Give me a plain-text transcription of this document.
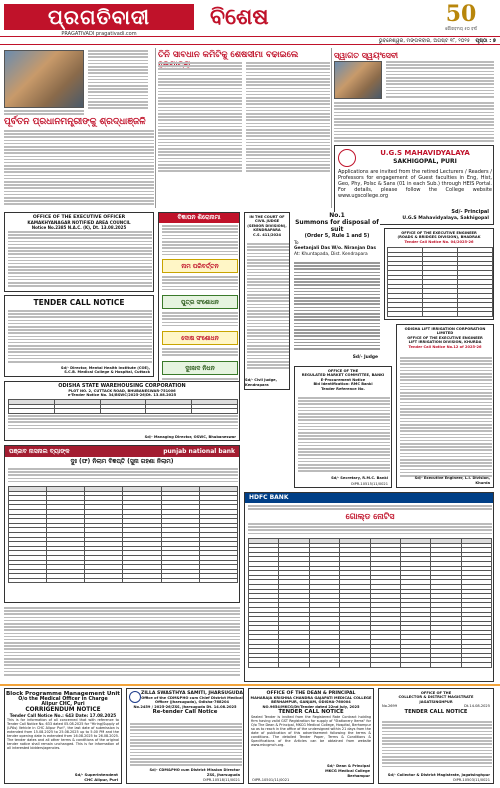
ପ୍ରଗତିବାଦୀ
PRAGATIVADI pragativadi.com
ବିଶେଷ	50
ଗୌରବମୟ ୫୦ ବର୍ଷ
ଭୁବନେଶ୍ୱର, ମଙ୍ଗଳବାର, ଅଗଷ୍ଟ ୧୮, ୨୦୨୫ ପୃଷ୍ଠା : ୭
ପୂର୍ବତନ ପ୍ରଧାନମନ୍ତ୍ରୀଙ୍କୁ ଶ୍ରଦ୍ଧାଞ୍ଜଳି
ତିନି ସାବଧାନ କମିଟିକୁ ଶେଷସୀମା ବଢାଇଲେ	ସ୍ୱାଗତ ସ୍ୱୟଂସେବୀ
U.G.S MAHAVIDYALAYA
SAKHIGOPAL, PURI
Applications are invited from the retired Lecturers / Readers / Professors for engagement of Guest faculties in Eng, Hist, Geo, Phy, Polsc & Sans (01 in each Sub.) through HEIS Portal. For details, please follow the College website www.ugscollege.org
Sd/- Principal
U.G.S Mahavidyalaya, Sakhigopal
OFFICE OF THE EXECUTIVE OFFICER
KAMAKHYANAGAR NOTIFIED AREA COUNCIL
Notice No.2385 N.A.C. (K), Dt. 13.08.2025
TENDER CALL NOTICE
Sd/- Director, Mental Health Institute (COE), S.C.B. Medical College & Hospital, Cuttack
ବିଜ୍ଞାପନ ଶିରୋନାମା
ନାମ ପରିବର୍ତ୍ତନ
ପୁତ୍ର ସଂଶୋଧନ
ଦୋଷ ସଂଶୋଧନ
ଦୁଃଖଦ ନିଧନ
IN THE COURT OF CIVIL JUDGE (SENIOR DIVISION), KENDRAPARA
C.S. 411/2024
Sd/- Civil Judge, Kendrapara
No.1
Summons for disposal of suit
(Order 5, Rule 1 and 5)
To
Geetanjali Das W/o. Niranjan Das
At: Khuntapada, Dist. Kendrapara
Sd/- Judge
OFFICE OF THE EXECUTIVE ENGINEER
(ROADS & BRIDGES DIVISION), BHADRAK
Tender Call Notice No. 04/2025-26

ODISHA STATE WAREHOUSING CORPORATION
PLOT NO. 2, CUTTACK ROAD, BHUBANESWAR-751006
e-Tender Notice No. 34/BSWC/2025-26/Dt. 13.08.2025

Sd/- Managing Director, OSWC, Bhubaneswar
OFFICE OF THE
REGULATED MARKET COMMITTEE, BANKI
E-Procurement Notice
Bid Identification: RMC Banki
Tender Reference No.
Sd/- Secretary, R.M.C. Banki
OIPR-10515/11/0021
ODISHA LIFT IRRIGATION CORPORATION LIMITED
OFFICE OF THE EXECUTIVE ENGINEER
LIFT IRRIGATION DIVISION, KHURDA
Tender Call Notice No.12 of 2025-26
Sd/- Executive Engineer, L.I. Division, Khurda
ପଞ୍ଜାବ ନାସନାଲ ବ୍ୟାଙ୍କ	punjab national bank
ଦୁଃ (ଫ) ନିଲାମ ବିଜ୍ଞପ୍ତି (ସୁନା ଗହଣା ନିଲାମ)

HDFC BANK
ଗୋଲ୍ଡ ନୋଟିସ

Block Programme Management Unit
O/o the Medical Officer in Charge
Alipur CHC, Puri
CORRIGENDUM NOTICE
Tender Call Notice No.: 643 Date: 17.08.2025
This is for information of all concerned that with reference to Tender Call Notice No. 633 dated 05.08.2025 for "Hiring/Supply of (LPAs) Vehicle in CHC Alipur Puri", the last date of submission is extended from 15.08.2025 to 25.08.2025 up to 5.00 PM and the tender opening date is extended from 16.08.2025 to 26.08.2025. The tender dates and all other terms & conditions of the original tender notice shall remain unchanged. This is for information of all interested bidders/agencies.
Sd/- Superintendent
CHC Alipur, Puri
ZILLA SWASTHYA SAMITI, JHARSUGUDA
Office of the CDM&PHO cum Chief District Medical Officer (Jharsuguda), Odisha-768204
No.2459 / 2025-26/ZSS, Jharsuguda Dt. 14.08.2025
Re-tender Call Notice
Sd/- CDM&PHO cum District Mission Director
ZSS, Jharsuguda
OIPR-10518/11/0021
OFFICE OF THE DEAN & PRINCIPAL
MAHARAJA KRISHNA CHANDRA GAJAPATI MEDICAL COLLEGE
BERHAMPUR, GANJAM, ODISHA-760004
NO.9654/MKCG/Dt/Tender dated 22nd July, 2025
TENDER CALL NOTICE
Sealed Tender is invited from the Registered Rate Contract holding firm having valid GST Registration for supply of "Stationery Items" for O/o The Dean & Principal, MKCG Medical College, Hospital, Berhampur so as to reach in the office of the undersigned within 21 days from the date of publication of this advertisement following the terms & conditions. The detailed Tender Paper, Terms & Conditions & Specifications of the Articles can be obtained from website www.mkcgmch.org.
Sd/- Dean & Principal
MKCG Medical College
Berhampur
OIPR-10501/11/0021
OFFICE OF THE
COLLECTOR & DISTRICT MAGISTRATE
JAGATSINGHPUR
No.2699	Dt.14.08.2025
TENDER CALL NOTICE
Sd/- Collector & District Magistrate, Jagatsinghpur
OIPR-10503/11/0021
